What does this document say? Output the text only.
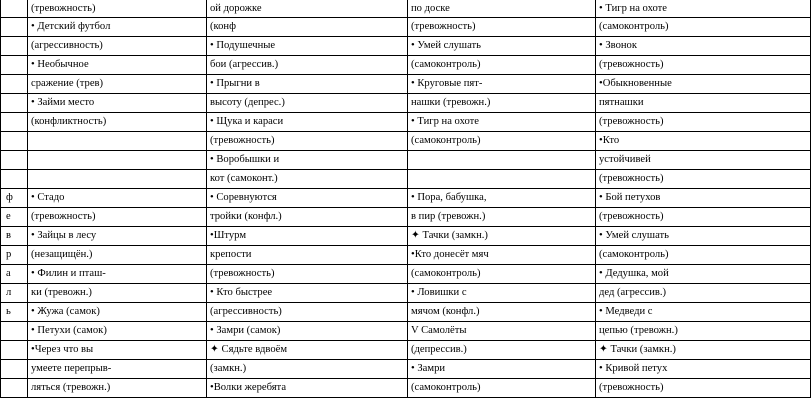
	(тревожность)	ой дорожке	по доске	• Тигр на охоте
	• Детский футбол	(конф	(тревожность)	(самоконтроль)
	(агрессивность)	• Подушечные	• Умей слушать	• Звонок
	• Необычное	бои (агрессив.)	(самоконтроль)	(тревожность)
	сражение (трев)	• Прыгни в	• Круговые пят-	•Обыкновенные
	• Займи место	высоту (депрес.)	нашки (тревожн.)	пятнашки
	(конфликтность)	• Щука и караси	• Тигр на охоте	(тревожность)
		(тревожность)	(самоконтроль)	•Кто
		• Воробышки и		устойчивей
		кот (самоконт.)		(тревожность)
ф	• Стадо	• Соревнуются	• Пора, бабушка,	• Бой петухов
е	(тревожность)	тройки (конфл.)	в пир (тревожн.)	(тревожность)
в	• Зайцы в лесу	•Штурм	✦ Тачки (замкн.)	• Умей слушать
р	(незащищён.)	крепости	•Кто донесёт мяч	(самоконтроль)
а	• Филин и пташ-	(тревожность)	(самоконтроль)	• Дедушка, мой
л	ки (тревожн.)	• Кто быстрее	• Ловишки с	дед (агрессив.)
ь	• Жужа (самок)	(агрессивность)	мячом (конфл.)	• Медведи с
	• Петухи (самок)	• Замри (самок)	V Самолёты	цепью (тревожн.)
	•Через что вы	✦ Сядьте вдвоём	(депрессив.)	✦ Тачки (замкн.)
	умеете перепрыв-	(замкн.)	• Замри	• Кривой петух
	ляться (тревожн.)	•Волки жеребята	(самоконтроль)	(тревожность)
